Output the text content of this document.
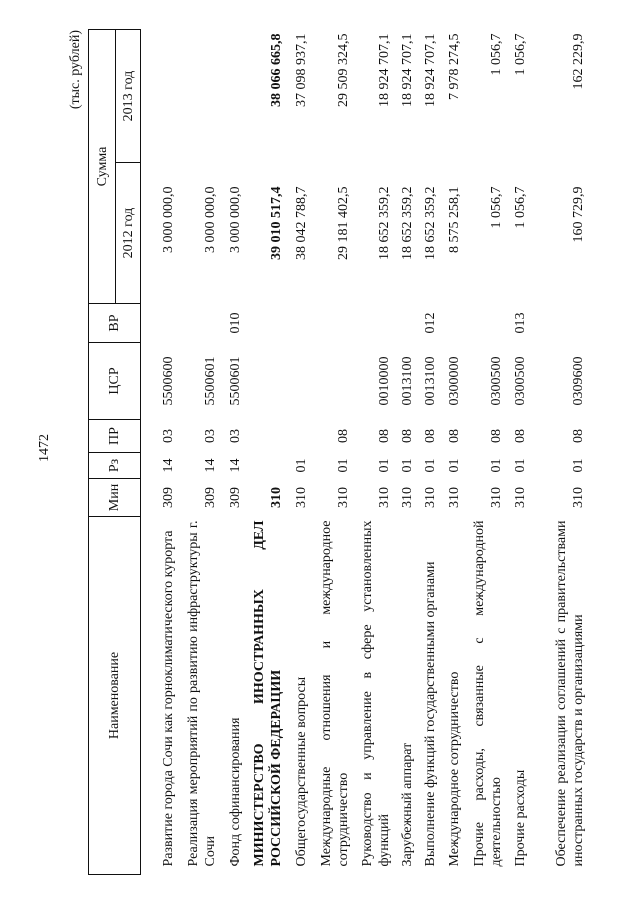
1472
(тыс. рублей)
Наименование	Мин	Рз	ПР	ЦСР	ВР	Сумма	
						2012 год	2013 год

Развитие города Сочи как горноклиматического курорта	309	14	03	5500600		3 000 000,0	

Реализация мероприятий по развитию инфраструктуры г. Сочи	309	14	03	5500601		3 000 000,0	

Фонд софинансирования	309	14	03	5500601	010	3 000 000,0	

МИНИСТЕРСТВО ИНОСТРАННЫХ ДЕЛ РОССИЙСКОЙ ФЕДЕРАЦИИ	310					39 010 517,4	38 066 665,8

Общегосударственные вопросы	310	01				38 042 788,7	37 098 937,1

Международные отношения и международное сотрудничество	310	01	08			29 181 402,5	29 509 324,5

Руководство и управление в сфере установленных функций	310	01	08	0010000		18 652 359,2	18 924 707,1

Зарубежный аппарат	310	01	08	0013100		18 652 359,2	18 924 707,1

Выполнение функций государственными органами	310	01	08	0013100	012	18 652 359,2	18 924 707,1

Международное сотрудничество	310	01	08	0300000		8 575 258,1	7 978 274,5

Прочие расходы, связанные с международной деятельностью	310	01	08	0300500		1 056,7	1 056,7

Прочие расходы	310	01	08	0300500	013	1 056,7	1 056,7

Обеспечение реализации соглашений с правительствами иностранных государств и организациями	310	01	08	0309600		160 729,9	162 229,9
